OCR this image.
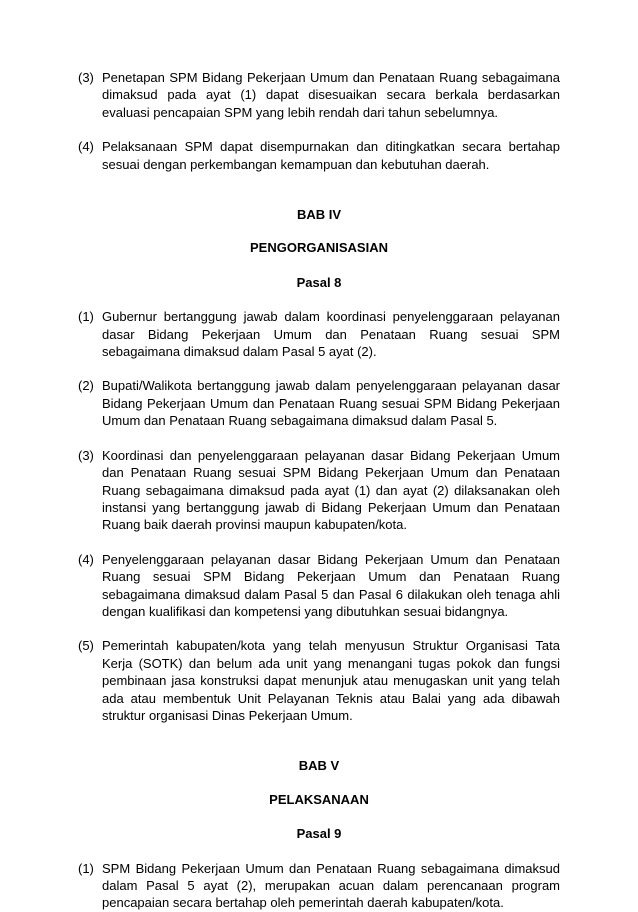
(3) Penetapan SPM Bidang Pekerjaan Umum dan Penataan Ruang sebagaimana dimaksud pada ayat (1) dapat disesuaikan secara berkala berdasarkan evaluasi pencapaian SPM yang lebih rendah dari tahun sebelumnya.
(4) Pelaksanaan SPM dapat disempurnakan dan ditingkatkan secara bertahap sesuai dengan perkembangan kemampuan dan kebutuhan daerah.
BAB IV
PENGORGANISASIAN
Pasal 8
(1) Gubernur bertanggung jawab dalam koordinasi penyelenggaraan pelayanan dasar Bidang Pekerjaan Umum dan Penataan Ruang sesuai SPM sebagaimana dimaksud dalam Pasal 5 ayat (2).
(2) Bupati/Walikota bertanggung jawab dalam penyelenggaraan pelayanan dasar Bidang Pekerjaan Umum dan Penataan Ruang sesuai SPM Bidang Pekerjaan Umum dan Penataan Ruang sebagaimana dimaksud dalam Pasal 5.
(3) Koordinasi dan penyelenggaraan pelayanan dasar Bidang Pekerjaan Umum dan Penataan Ruang sesuai SPM Bidang Pekerjaan Umum dan Penataan Ruang sebagaimana dimaksud pada ayat (1) dan ayat (2) dilaksanakan oleh instansi yang bertanggung jawab di Bidang Pekerjaan Umum dan Penataan Ruang baik daerah provinsi maupun kabupaten/kota.
(4) Penyelenggaraan pelayanan dasar Bidang Pekerjaan Umum dan Penataan Ruang sesuai SPM Bidang Pekerjaan Umum dan Penataan Ruang sebagaimana dimaksud dalam Pasal 5 dan Pasal 6 dilakukan oleh tenaga ahli dengan kualifikasi dan kompetensi yang dibutuhkan sesuai bidangnya.
(5) Pemerintah kabupaten/kota yang telah menyusun Struktur Organisasi Tata Kerja (SOTK) dan belum ada unit yang menangani tugas pokok dan fungsi pembinaan jasa konstruksi dapat menunjuk atau menugaskan unit yang telah ada atau membentuk Unit Pelayanan Teknis atau Balai yang ada dibawah struktur organisasi Dinas Pekerjaan Umum.
BAB V
PELAKSANAAN
Pasal 9
(1) SPM Bidang Pekerjaan Umum dan Penataan Ruang sebagaimana dimaksud dalam Pasal 5 ayat (2), merupakan acuan dalam perencanaan program pencapaian secara bertahap oleh pemerintah daerah kabupaten/kota.
